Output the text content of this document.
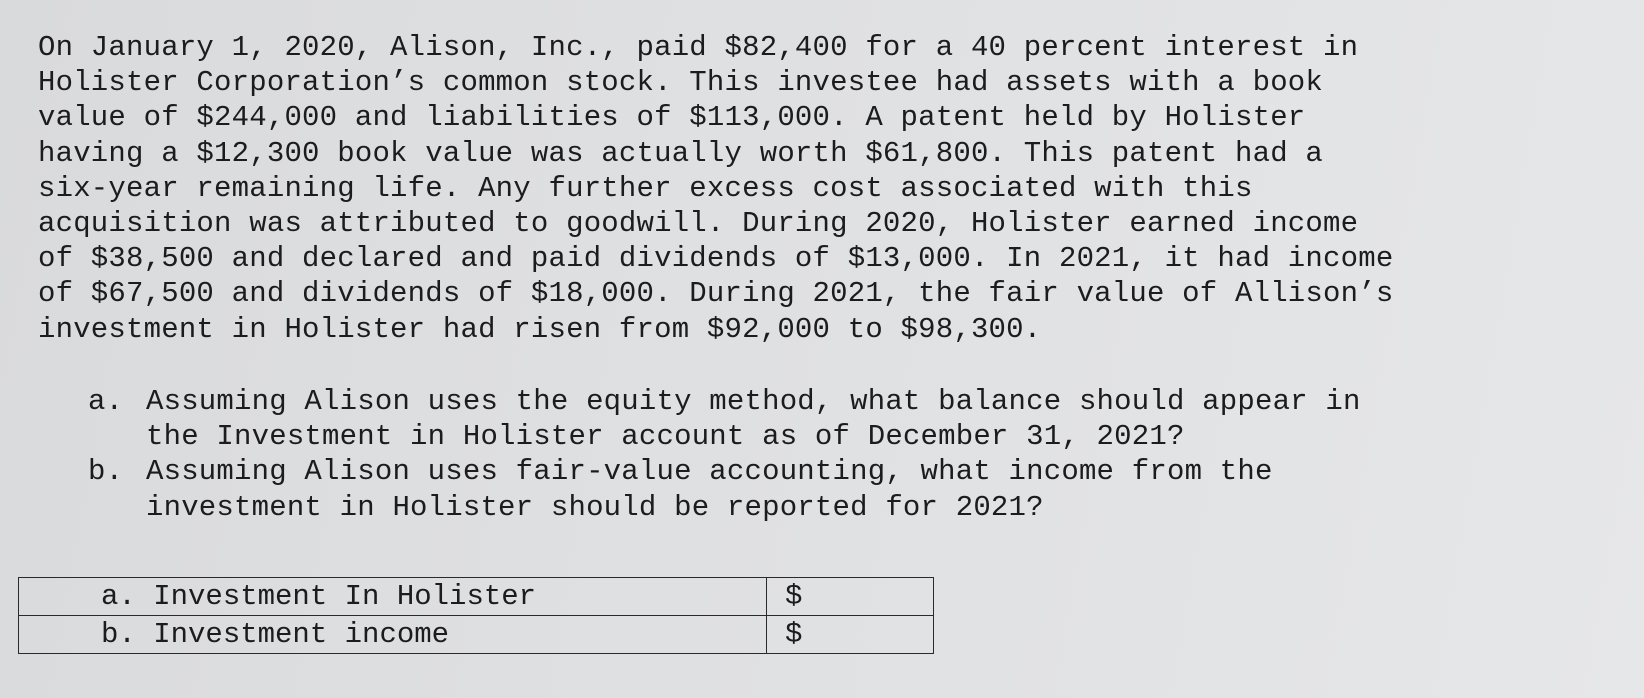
On January 1, 2020, Alison, Inc., paid $82,400 for a 40 percent interest in
Holister Corporation’s common stock. This investee had assets with a book
value of $244,000 and liabilities of $113,000. A patent held by Holister
having a $12,300 book value was actually worth $61,800. This patent had a
six-year remaining life. Any further excess cost associated with this
acquisition was attributed to goodwill. During 2020, Holister earned income
of $38,500 and declared and paid dividends of $13,000. In 2021, it had income
of $67,500 and dividends of $18,000. During 2021, the fair value of Allison’s
investment in Holister had risen from $92,000 to $98,300.
a. Assuming Alison uses the equity method, what balance should appear in
the Investment in Holister account as of December 31, 2021?
b. Assuming Alison uses fair-value accounting, what income from the
investment in Holister should be reported for 2021?
a. Investment In Holister	$
b. Investment income	$
